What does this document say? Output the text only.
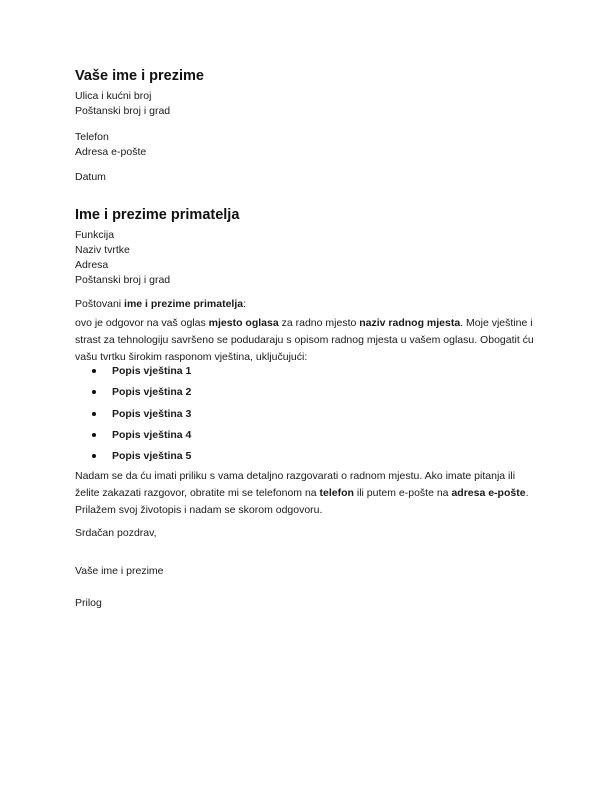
Vaše ime i prezime
Ulica i kućni broj
Poštanski broj i grad
Telefon
Adresa e-pošte
Datum
Ime i prezime primatelja
Funkcija
Naziv tvrtke
Adresa
Poštanski broj i grad
Poštovani ime i prezime primatelja:
ovo je odgovor na vaš oglas mjesto oglasa za radno mjesto naziv radnog mjesta. Moje vještine i
strast za tehnologiju savršeno se podudaraju s opisom radnog mjesta u vašem oglasu. Obogatit ću
vašu tvrtku širokim rasponom vještina, uključujući:
Popis vještina 1
Popis vještina 2
Popis vještina 3
Popis vještina 4
Popis vještina 5
Nadam se da ću imati priliku s vama detaljno razgovarati o radnom mjestu. Ako imate pitanja ili
želite zakazati razgovor, obratite mi se telefonom na telefon ili putem e-pošte na adresa e-pošte.
Prilažem svoj životopis i nadam se skorom odgovoru.
Srdačan pozdrav,
Vaše ime i prezime
Prilog
